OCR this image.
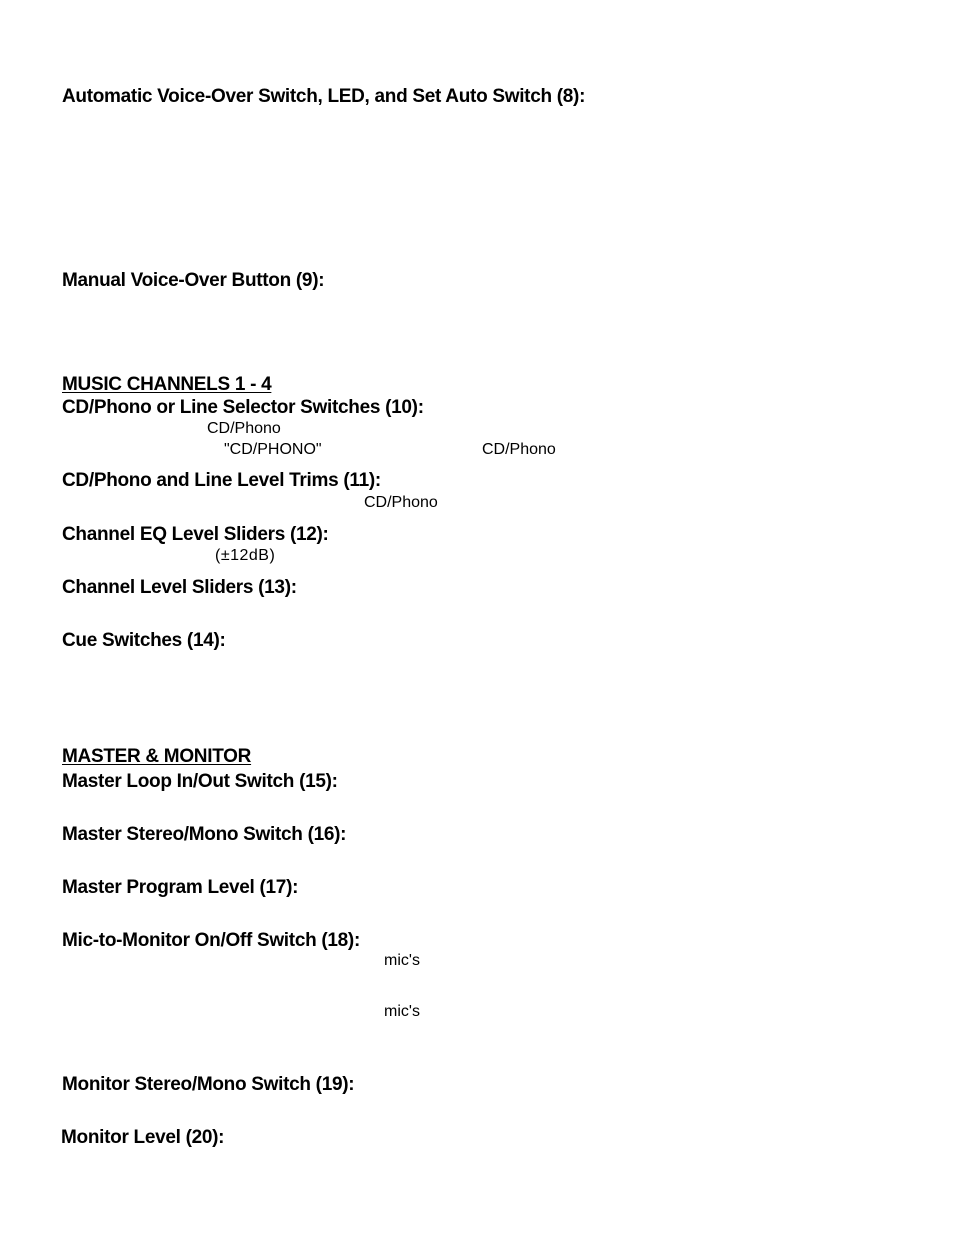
Automatic Voice-Over Switch, LED, and Set Auto Switch (8):
Manual Voice-Over Button (9):
MUSIC CHANNELS 1 - 4
CD/Phono or Line Selector Switches (10):
CD/Phono
"CD/PHONO"	CD/Phono
CD/Phono and Line Level Trims (11):
CD/Phono
Channel EQ Level Sliders (12):
(±12dB)
Channel Level Sliders (13):
Cue Switches (14):
MASTER & MONITOR
Master Loop In/Out Switch (15):
Master Stereo/Mono Switch (16):
Master Program Level (17):
Mic-to-Monitor On/Off Switch (18):
mic's
mic's
Monitor Stereo/Mono Switch (19):
Monitor Level (20):
